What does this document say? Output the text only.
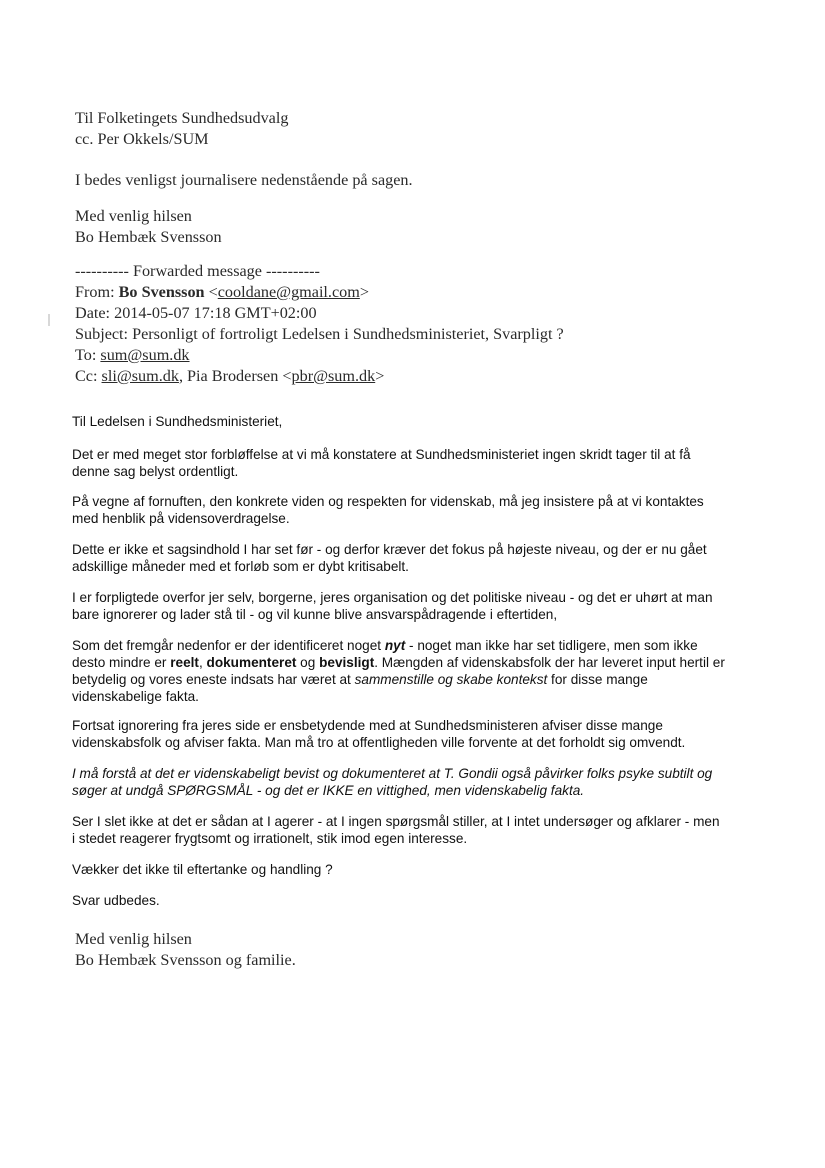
Til Folketingets Sundhedsudvalg
cc. Per Okkels/SUM
I bedes venligst journalisere nedenstående på sagen.
Med venlig hilsen
Bo Hembæk Svensson
---------- Forwarded message ----------
From: Bo Svensson <cooldane@gmail.com>
Date: 2014-05-07 17:18 GMT+02:00
Subject: Personligt of fortroligt Ledelsen i Sundhedsministeriet, Svarpligt ?
To: sum@sum.dk
Cc: sli@sum.dk, Pia Brodersen <pbr@sum.dk>
Til Ledelsen i Sundhedsministeriet,
Det er med meget stor forbløffelse at vi må konstatere at Sundhedsministeriet ingen skridt tager til at få
denne sag belyst ordentligt.
På vegne af fornuften, den konkrete viden og respekten for videnskab, må jeg insistere på at vi kontaktes
med henblik på vidensoverdragelse.
Dette er ikke et sagsindhold I har set før - og derfor kræver det fokus på højeste niveau, og der er nu gået
adskillige måneder med et forløb som er dybt kritisabelt.
I er forpligtede overfor jer selv, borgerne, jeres organisation og det politiske niveau - og det er uhørt at man
bare ignorerer og lader stå til - og vil kunne blive ansvarspådragende i eftertiden,
Som det fremgår nedenfor er der identificeret noget nyt - noget man ikke har set tidligere, men som ikke
desto mindre er reelt, dokumenteret og bevisligt. Mængden af videnskabsfolk der har leveret input hertil er
betydelig og vores eneste indsats har været at sammenstille og skabe kontekst for disse mange
videnskabelige fakta.
Fortsat ignorering fra jeres side er ensbetydende med at Sundhedsministeren afviser disse mange
videnskabsfolk og afviser fakta. Man må tro at offentligheden ville forvente at det forholdt sig omvendt.
I må forstå at det er videnskabeligt bevist og dokumenteret at T. Gondii også påvirker folks psyke subtilt og
søger at undgå SPØRGSMÅL - og det er IKKE en vittighed, men videnskabelig fakta.
Ser I slet ikke at det er sådan at I agerer - at I ingen spørgsmål stiller, at I intet undersøger og afklarer - men
i stedet reagerer frygtsomt og irrationelt, stik imod egen interesse.
Vækker det ikke til eftertanke og handling ?
Svar udbedes.
Med venlig hilsen
Bo Hembæk Svensson og familie.
